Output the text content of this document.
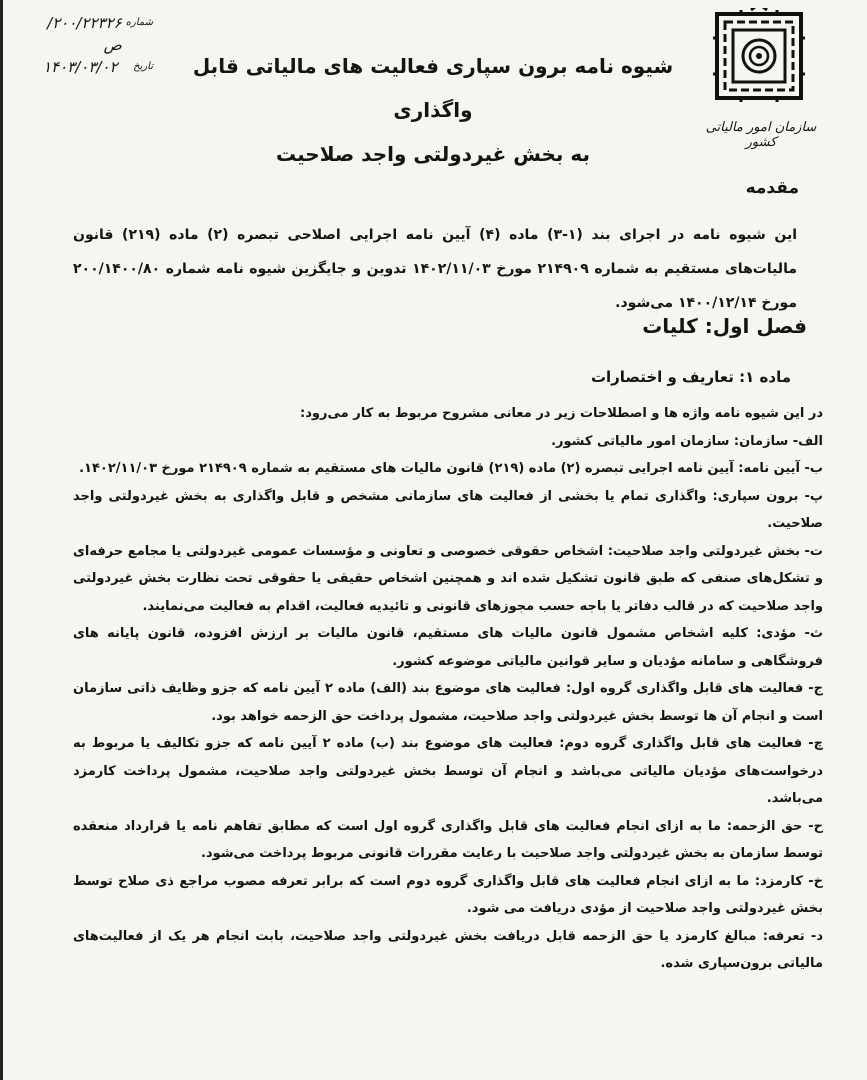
سازمان امور مالیاتی کشور
شیوه نامه برون سپاری فعالیت های مالیاتی قابل واگذاری
به بخش غیردولتی واجد صلاحیت
شماره
۲۰۰/۲۲۳۲۶/ص
تاریخ
۱۴۰۳/۰۳/۰۲
مقدمه
این شیوه نامه در اجرای بند (۱-۳) ماده (۴) آیین نامه اجرایی اصلاحی تبصره (۲) ماده (۲۱۹) قانون مالیات‌های مستقیم به شماره ۲۱۴۹۰۹ مورخ ۱۴۰۲/۱۱/۰۳ تدوین و جایگزین شیوه نامه شماره ۲۰۰/۱۴۰۰/۸۰ مورخ ۱۴۰۰/۱۲/۱۴ می‌شود.
فصل اول: کلیات
ماده ۱: تعاریف و اختصارات
در این شیوه نامه واژه ها و اصطلاحات زیر در معانی مشروح مربوط به کار می‌رود:
الف- سازمان: سازمان امور مالیاتی کشور.
ب- آیین نامه: آیین نامه اجرایی تبصره (۲) ماده (۲۱۹) قانون مالیات های مستقیم به شماره ۲۱۴۹۰۹ مورخ ۱۴۰۲/۱۱/۰۳.
پ- برون سپاری: واگذاری تمام یا بخشی از فعالیت های سازمانی مشخص و قابل واگذاری به بخش غیردولتی واجد صلاحیت.
ت- بخش غیردولتی واجد صلاحیت: اشخاص حقوقی خصوصی و تعاونی و مؤسسات عمومی غیردولتی یا مجامع حرفه‌ای و تشکل‌های صنفی که طبق قانون تشکیل شده اند و همچنین اشخاص حقیقی یا حقوقی تحت نظارت بخش غیردولتی واجد صلاحیت که در قالب دفاتر یا باجه حسب مجوزهای قانونی و تائیدیه فعالیت، اقدام به فعالیت می‌نمایند.
ث- مؤدی: کلیه اشخاص مشمول قانون مالیات های مستقیم، قانون مالیات بر ارزش افزوده، قانون پایانه های فروشگاهی و سامانه مؤدیان و سایر قوانین مالیاتی موضوعه کشور.
ج- فعالیت های قابل واگذاری گروه اول: فعالیت های موضوع بند (الف) ماده ۲ آیین نامه که جزو وظایف ذاتی سازمان است و انجام آن ها توسط بخش غیردولتی واجد صلاحیت، مشمول پرداخت حق الزحمه خواهد بود.
چ- فعالیت های قابل واگذاری گروه دوم: فعالیت های موضوع بند (ب) ماده ۲ آیین نامه که جزو تکالیف یا مربوط به درخواست‌های مؤدیان مالیاتی می‌باشد و انجام آن توسط بخش غیردولتی واجد صلاحیت، مشمول پرداخت کارمزد می‌باشد.
ح- حق الزحمه: ما به ازای انجام فعالیت های قابل واگذاری گروه اول است که مطابق تفاهم نامه یا قرارداد منعقده توسط سازمان به بخش غیردولتی واجد صلاحیت با رعایت مقررات قانونی مربوط پرداخت می‌شود.
خ- کارمزد: ما به ازای انجام فعالیت های قابل واگذاری گروه دوم است که برابر تعرفه مصوب مراجع ذی صلاح توسط بخش غیردولتی واجد صلاحیت از مؤدی دریافت می شود.
د- تعرفه: مبالغ کارمزد یا حق الزحمه قابل دریافت بخش غیردولتی واجد صلاحیت، بابت انجام هر یک از فعالیت‌های مالیاتی برون‌سپاری شده.
